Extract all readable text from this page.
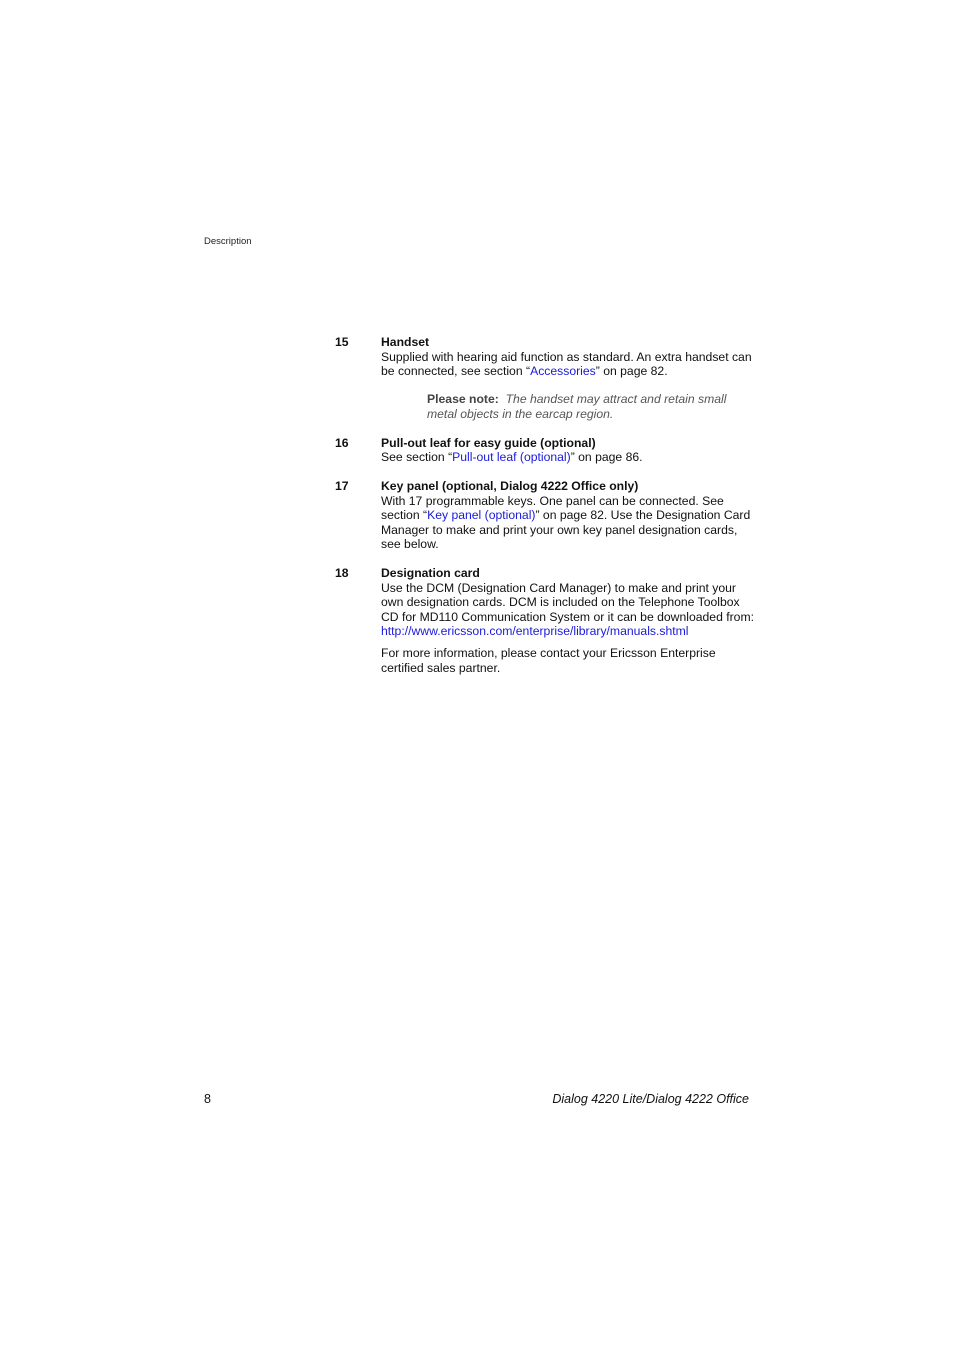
Description
15	Handset

Supplied with hearing aid function as standard. An extra handset can be connected, see section “Accessories” on page 82.

Please note: The handset may attract and retain small metal objects in the earcap region.
16	Pull-out leaf for easy guide (optional)

See section “Pull-out leaf (optional)” on page 86.

17	Key panel (optional, Dialog 4222 Office only)

With 17 programmable keys. One panel can be connected. See section “Key panel (optional)” on page 82. Use the Designation Card Manager to make and print your own key panel designation cards, see below.

18	Designation card

Use the DCM (Designation Card Manager) to make and print your own designation cards. DCM is included on the Telephone Toolbox CD for MD110 Communication System or it can be downloaded from: http://www.ericsson.com/enterprise/library/manuals.shtml

For more information, please contact your Ericsson Enterprise certified sales partner.

8	Dialog 4220 Lite/Dialog 4222 Office
